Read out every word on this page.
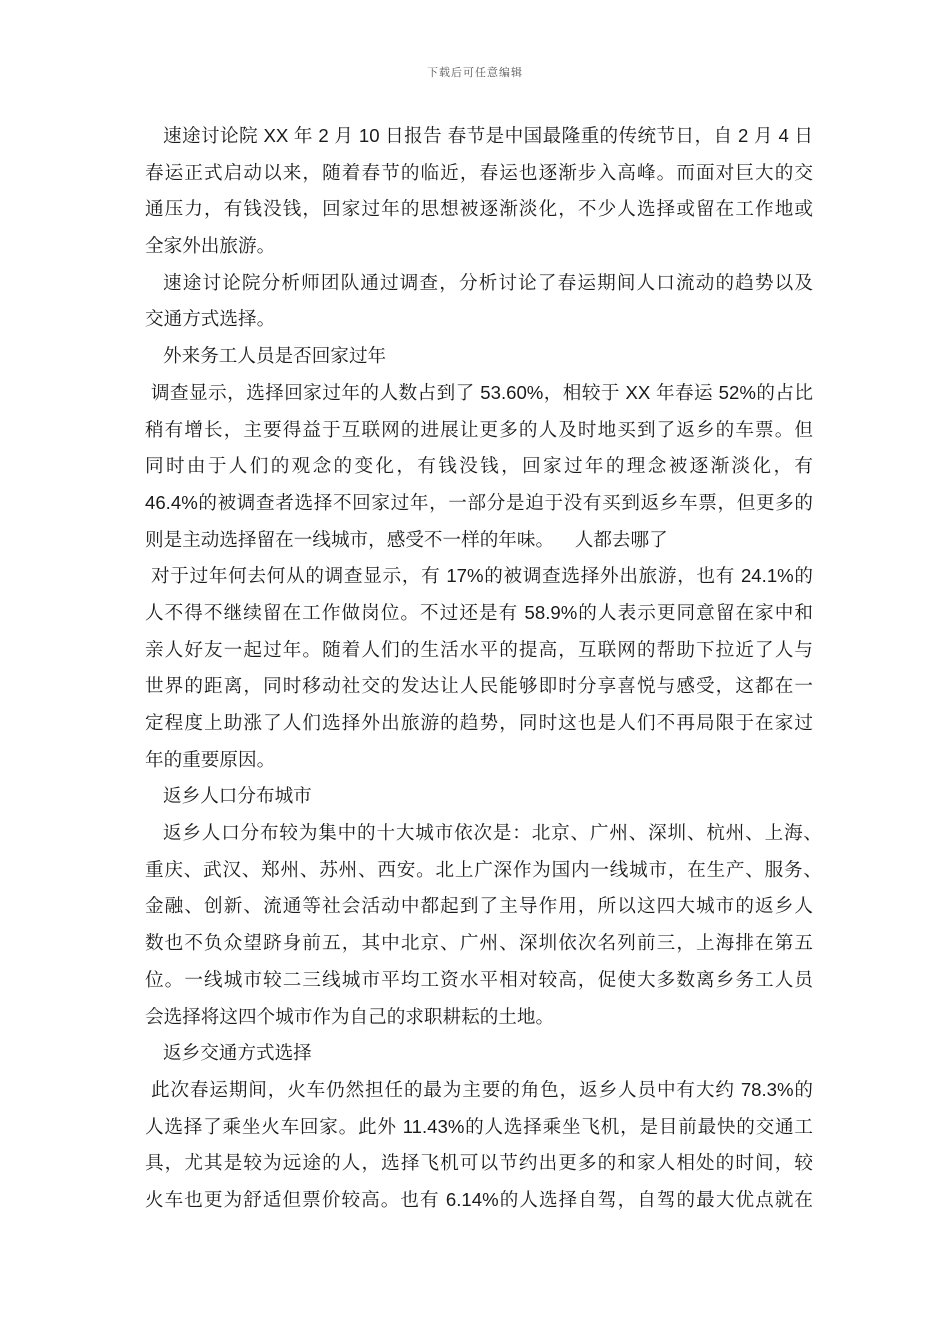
下载后可任意编辑
速途讨论院 XX 年 2 月 10 日报告 春节是中国最隆重的传统节日，自 2 月 4 日
春运正式启动以来，随着春节的临近，春运也逐渐步入高峰。而面对巨大的交
通压力，有钱没钱，回家过年的思想被逐渐淡化，不少人选择或留在工作地或
全家外出旅游。
速途讨论院分析师团队通过调查，分析讨论了春运期间人口流动的趋势以及
交通方式选择。
外来务工人员是否回家过年
调查显示，选择回家过年的人数占到了 53.60%，相较于 XX 年春运 52%的占比
稍有增长，主要得益于互联网的进展让更多的人及时地买到了返乡的车票。但
同时由于人们的观念的变化，有钱没钱，回家过年的理念被逐渐淡化，有
46.4%的被调查者选择不回家过年，一部分是迫于没有买到返乡车票，但更多的
则是主动选择留在一线城市，感受不一样的年味。    人都去哪了
对于过年何去何从的调查显示，有 17%的被调查选择外出旅游，也有 24.1%的
人不得不继续留在工作做岗位。不过还是有 58.9%的人表示更同意留在家中和
亲人好友一起过年。随着人们的生活水平的提高，互联网的帮助下拉近了人与
世界的距离，同时移动社交的发达让人民能够即时分享喜悦与感受，这都在一
定程度上助涨了人们选择外出旅游的趋势，同时这也是人们不再局限于在家过
年的重要原因。
返乡人口分布城市
返乡人口分布较为集中的十大城市依次是：北京、广州、深圳、杭州、上海、
重庆、武汉、郑州、苏州、西安。北上广深作为国内一线城市，在生产、服务、
金融、创新、流通等社会活动中都起到了主导作用，所以这四大城市的返乡人
数也不负众望跻身前五，其中北京、广州、深圳依次名列前三，上海排在第五
位。一线城市较二三线城市平均工资水平相对较高，促使大多数离乡务工人员
会选择将这四个城市作为自己的求职耕耘的土地。
返乡交通方式选择
此次春运期间，火车仍然担任的最为主要的角色，返乡人员中有大约 78.3%的
人选择了乘坐火车回家。此外 11.43%的人选择乘坐飞机，是目前最快的交通工
具，尤其是较为远途的人，选择飞机可以节约出更多的和家人相处的时间，较
火车也更为舒适但票价较高。也有 6.14%的人选择自驾，自驾的最大优点就在
